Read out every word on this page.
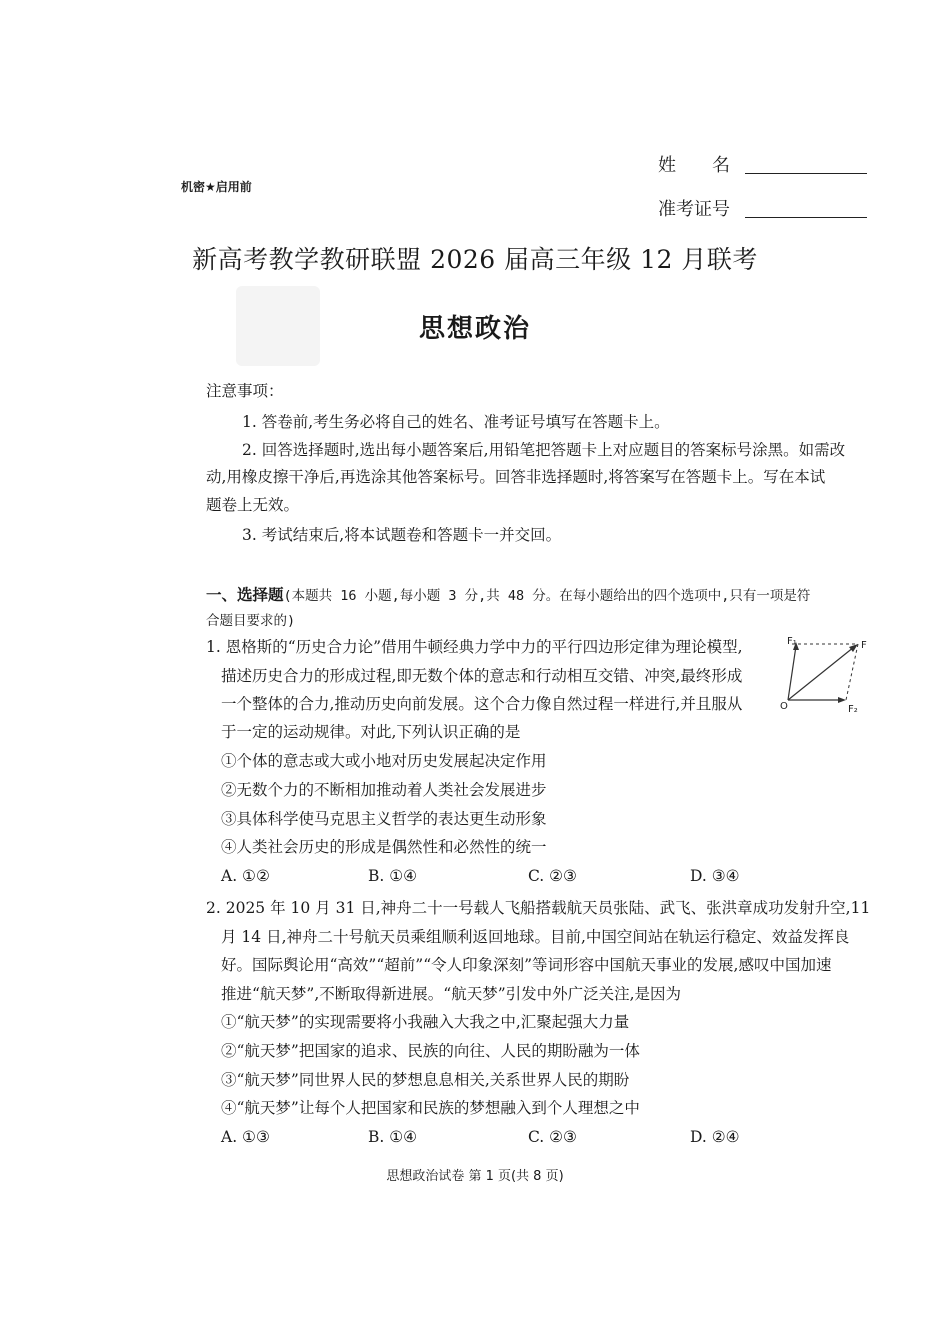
机密★启用前
姓　　名
准考证号
新高考教学教研联盟 2026 届高三年级 12 月联考
思想政治
注意事项：
1. 答卷前,考生务必将自己的姓名、准考证号填写在答题卡上。
2. 回答选择题时,选出每小题答案后,用铅笔把答题卡上对应题目的答案标号涂黑。如需改
动,用橡皮擦干净后,再选涂其他答案标号。回答非选择题时,将答案写在答题卡上。写在本试
题卷上无效。
3. 考试结束后,将本试题卷和答题卡一并交回。
一、选择题(本题共 16 小题,每小题 3 分,共 48 分。在每小题给出的四个选项中,只有一项是符
合题目要求的)
1. 恩格斯的“历史合力论”借用牛顿经典力学中力的平行四边形定律为理论模型,
描述历史合力的形成过程,即无数个体的意志和行动相互交错、冲突,最终形成
一个整体的合力,推动历史向前发展。这个合力像自然过程一样进行,并且服从
于一定的运动规律。对此,下列认识正确的是
①个体的意志或大或小地对历史发展起决定作用
②无数个力的不断相加推动着人类社会发展进步
③具体科学使马克思主义哲学的表达更生动形象
④人类社会历史的形成是偶然性和必然性的统一
A. ①②	B. ①④	C. ②③	D. ③④
F₁	F
O	F₂
2. 2025 年 10 月 31 日,神舟二十一号载人飞船搭载航天员张陆、武飞、张洪章成功发射升空,11
月 14 日,神舟二十号航天员乘组顺利返回地球。目前,中国空间站在轨运行稳定、效益发挥良
好。国际舆论用“高效”“超前”“令人印象深刻”等词形容中国航天事业的发展,感叹中国加速
推进“航天梦”,不断取得新进展。“航天梦”引发中外广泛关注,是因为
①“航天梦”的实现需要将小我融入大我之中,汇聚起强大力量
②“航天梦”把国家的追求、民族的向往、人民的期盼融为一体
③“航天梦”同世界人民的梦想息息相关,关系世界人民的期盼
④“航天梦”让每个人把国家和民族的梦想融入到个人理想之中
A. ①③	B. ①④	C. ②③	D. ②④
思想政治试卷 第 1 页(共 8 页)
